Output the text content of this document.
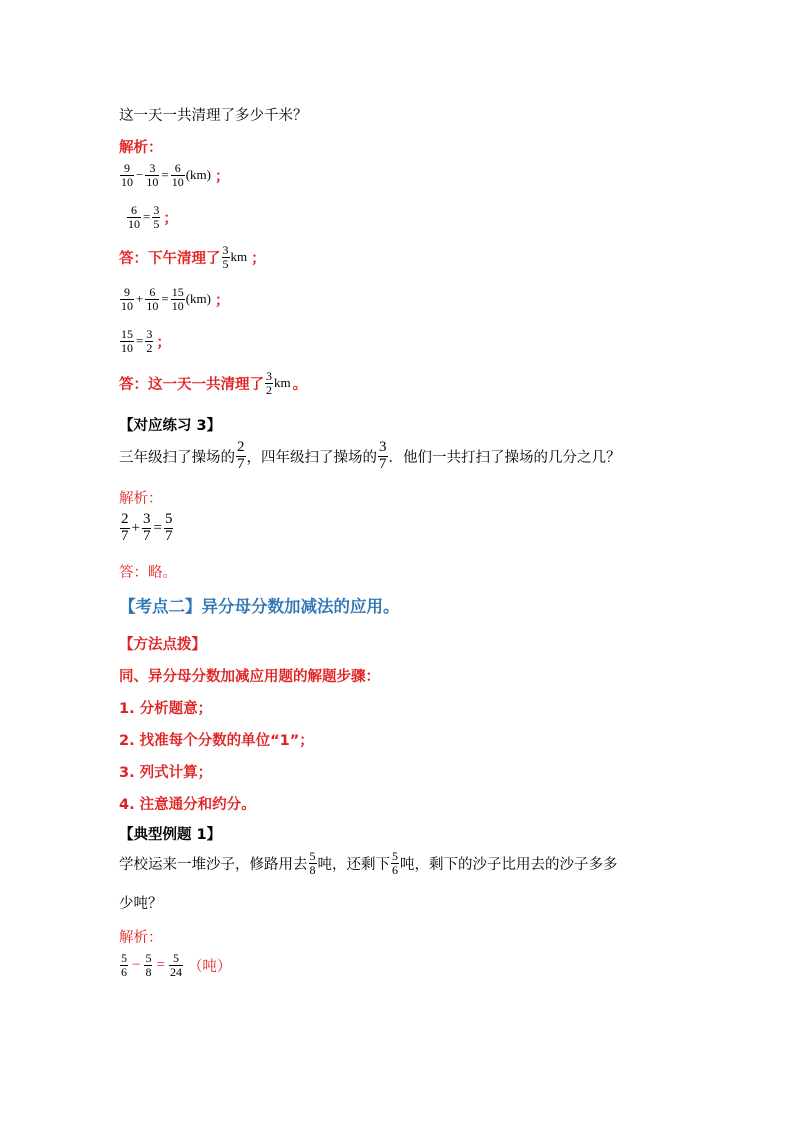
这一天一共清理了多少千米？
解析：
$\frac{9}{10} - \frac{3}{10} = \frac{6}{10} (km)$ ；
$\frac{6}{10} = \frac{3}{5}$ ；
答：下午清理了 $\frac{3}{5}$ km ；
$\frac{9}{10} + \frac{6}{10} = \frac{15}{10} (km)$ ；
$\frac{15}{10} = \frac{3}{2}$ ；
答：这一天一共清理了 $\frac{3}{2}$ km 。
【对应练习 3】
三年级扫了操场的 $\frac{2}{7}$ ，四年级扫了操场的 $\frac{3}{7}$ ．他们一共打扫了操场的几分之几？
解析：
$\frac{2}{7} + \frac{3}{7} = \frac{5}{7}$
答：略。
【考点二】异分母分数加减法的应用。
【方法点拨】
同、异分母分数加减应用题的解题步骤：
1. 分析题意；
2. 找准每个分数的单位“1”；
3. 列式计算；
4. 注意通分和约分。
【典型例题 1】
学校运来一堆沙子，修路用去 $\frac{5}{8}$ 吨，还剩下 $\frac{5}{6}$ 吨，剩下的沙子比用去的沙子多多
少吨？
解析：
$\frac{5}{6} - \frac{5}{8} = \frac{5}{24}$ （吨）
